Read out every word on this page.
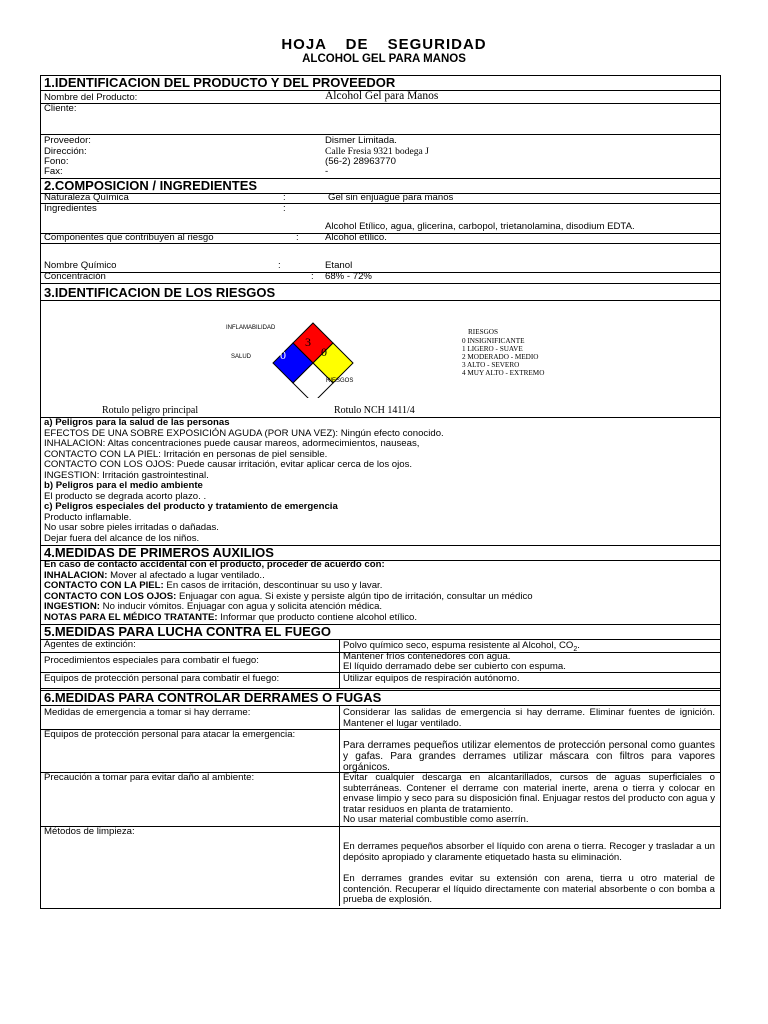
HOJA DE SEGURIDAD
ALCOHOL GEL PARA MANOS
1.IDENTIFICACION DEL PRODUCTO Y DEL PROVEEDOR
Nombre del Producto:	Alcohol Gel para Manos
Cliente:
Proveedor:	Dismer Limitada.
Dirección:	Calle Fresia 9321 bodega J
Fono:	(56-2) 28963770
Fax:	-
2.COMPOSICION / INGREDIENTES
Naturaleza Química	:	Gel sin enjuague para manos
Ingredientes	:
Alcohol Etílico, agua, glicerina, carbopol, trietanolamina, disodium EDTA.
Componentes que contribuyen al riesgo	:	Alcohol etílico.
Nombre Químico	:	Etanol
Concentración	: 68% - 72%
3.IDENTIFICACION DE LOS RIESGOS
3
0	0
INFLAMABILIDAD
SALUD
RIESGOS
RIESGOS
0 INSIGNIFICANTE
1 LIGERO - SUAVE
2 MODERADO - MEDIO
3 ALTO - SEVERO
4 MUY ALTO - EXTREMO
Rotulo peligro principal	Rotulo NCH 1411/4
a) Peligros para la salud de las personas
EFECTOS DE UNA SOBRE EXPOSICIÓN AGUDA (POR UNA VEZ): Ningún efecto conocido.
INHALACION: Altas concentraciones puede causar mareos, adormecimientos, nauseas,
CONTACTO CON LA PIEL: Irritación en personas de piel sensible.
CONTACTO CON LOS OJOS: Puede causar irritación, evitar aplicar cerca de los ojos.
INGESTION: Irritación gastrointestinal.
b) Peligros para el medio ambiente
El producto se degrada acorto plazo. .
c) Peligros especiales del producto y tratamiento de emergencia
Producto inflamable.
No usar sobre pieles irritadas o dañadas.
Dejar fuera del alcance de los niños.
4.MEDIDAS DE PRIMEROS AUXILIOS
En caso de contacto accidental con el producto, proceder de acuerdo con:
INHALACION: Mover al afectado a lugar ventilado..
CONTACTO CON LA PIEL: En casos de irritación, descontinuar su uso y lavar.
CONTACTO CON LOS OJOS: Enjuagar con agua. Si existe y persiste algún tipo de irritación, consultar un médico
INGESTION: No inducir vómitos. Enjuagar con agua y solicita atención médica.
NOTAS PARA EL MÉDICO TRATANTE: Informar que producto contiene alcohol etílico.
5.MEDIDAS PARA LUCHA CONTRA EL FUEGO
Agentes de extinción:	Polvo químico seco, espuma resistente al Alcohol, $CO_2$.
Procedimientos especiales para combatir el fuego:	Mantener fríos contenedores con agua.
El líquido derramado debe ser cubierto con espuma.
Equipos de protección personal para combatir el fuego:	Utilizar equipos de respiración autónomo.
6.MEDIDAS PARA CONTROLAR DERRAMES O FUGAS
Medidas de emergencia a tomar si hay derrame:	Considerar las salidas de emergencia si hay derrame. Eliminar fuentes de ignición. Mantener el lugar ventilado.
Equipos de protección personal para atacar la emergencia:
Para derrames pequeños utilizar elementos de protección personal como guantes y gafas. Para grandes derrames utilizar máscara con filtros para vapores orgánicos.
Precaución a tomar para evitar daño al ambiente:	Evitar cualquier descarga en alcantarillados, cursos de aguas superficiales o subterráneas. Contener el derrame con material inerte, arena o tierra y colocar en envase limpio y seco para su disposición final. Enjuagar restos del producto con agua y tratar residuos en planta de tratamiento.
No usar material combustible como aserrín.
Métodos de limpieza:
En derrames pequeños absorber el líquido con arena o tierra. Recoger y trasladar a un depósito apropiado y claramente etiquetado hasta su eliminación.
En derrames grandes evitar su extensión con arena, tierra u otro material de contención. Recuperar el líquido directamente con material absorbente o con bomba a prueba de explosión.
